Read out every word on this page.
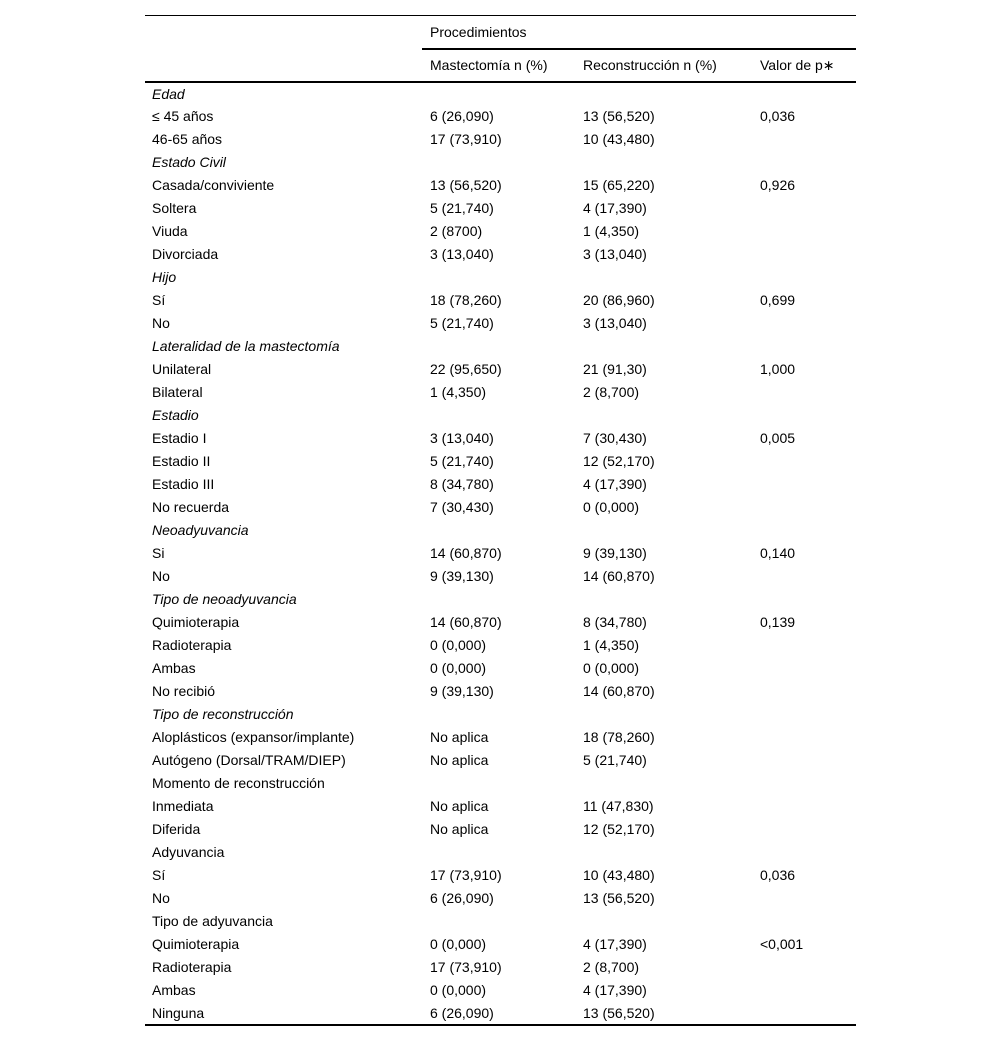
	Procedimientos		
	Mastectomía n (%)	Reconstrucción n (%)	Valor de p∗
Edad			
≤ 45 años	6 (26,090)	13 (56,520)	0,036
46-65 años	17 (73,910)	10 (43,480)	
Estado Civil			
Casada/conviviente	13 (56,520)	15 (65,220)	0,926
Soltera	5 (21,740)	4 (17,390)	
Viuda	2 (8700)	1 (4,350)	
Divorciada	3 (13,040)	3 (13,040)	
Hijo			
Sí	18 (78,260)	20 (86,960)	0,699
No	5 (21,740)	3 (13,040)	
Lateralidad de la mastectomía			
Unilateral	22 (95,650)	21 (91,30)	1,000
Bilateral	1 (4,350)	2 (8,700)	
Estadio			
Estadio I	3 (13,040)	7 (30,430)	0,005
Estadio II	5 (21,740)	12 (52,170)	
Estadio III	8 (34,780)	4 (17,390)	
No recuerda	7 (30,430)	0 (0,000)	
Neoadyuvancia			
Si	14 (60,870)	9 (39,130)	0,140
No	9 (39,130)	14 (60,870)	
Tipo de neoadyuvancia			
Quimioterapia	14 (60,870)	8 (34,780)	0,139
Radioterapia	0 (0,000)	1 (4,350)	
Ambas	0 (0,000)	0 (0,000)	
No recibió	9 (39,130)	14 (60,870)	
Tipo de reconstrucción			
Aloplásticos (expansor/implante)	No aplica	18 (78,260)	
Autógeno (Dorsal/TRAM/DIEP)	No aplica	5 (21,740)	
Momento de reconstrucción			
Inmediata	No aplica	11 (47,830)	
Diferida	No aplica	12 (52,170)	
Adyuvancia			
Sí	17 (73,910)	10 (43,480)	0,036
No	6 (26,090)	13 (56,520)	
Tipo de adyuvancia			
Quimioterapia	0 (0,000)	4 (17,390)	<0,001
Radioterapia	17 (73,910)	2 (8,700)	
Ambas	0 (0,000)	4 (17,390)	
Ninguna	6 (26,090)	13 (56,520)	
